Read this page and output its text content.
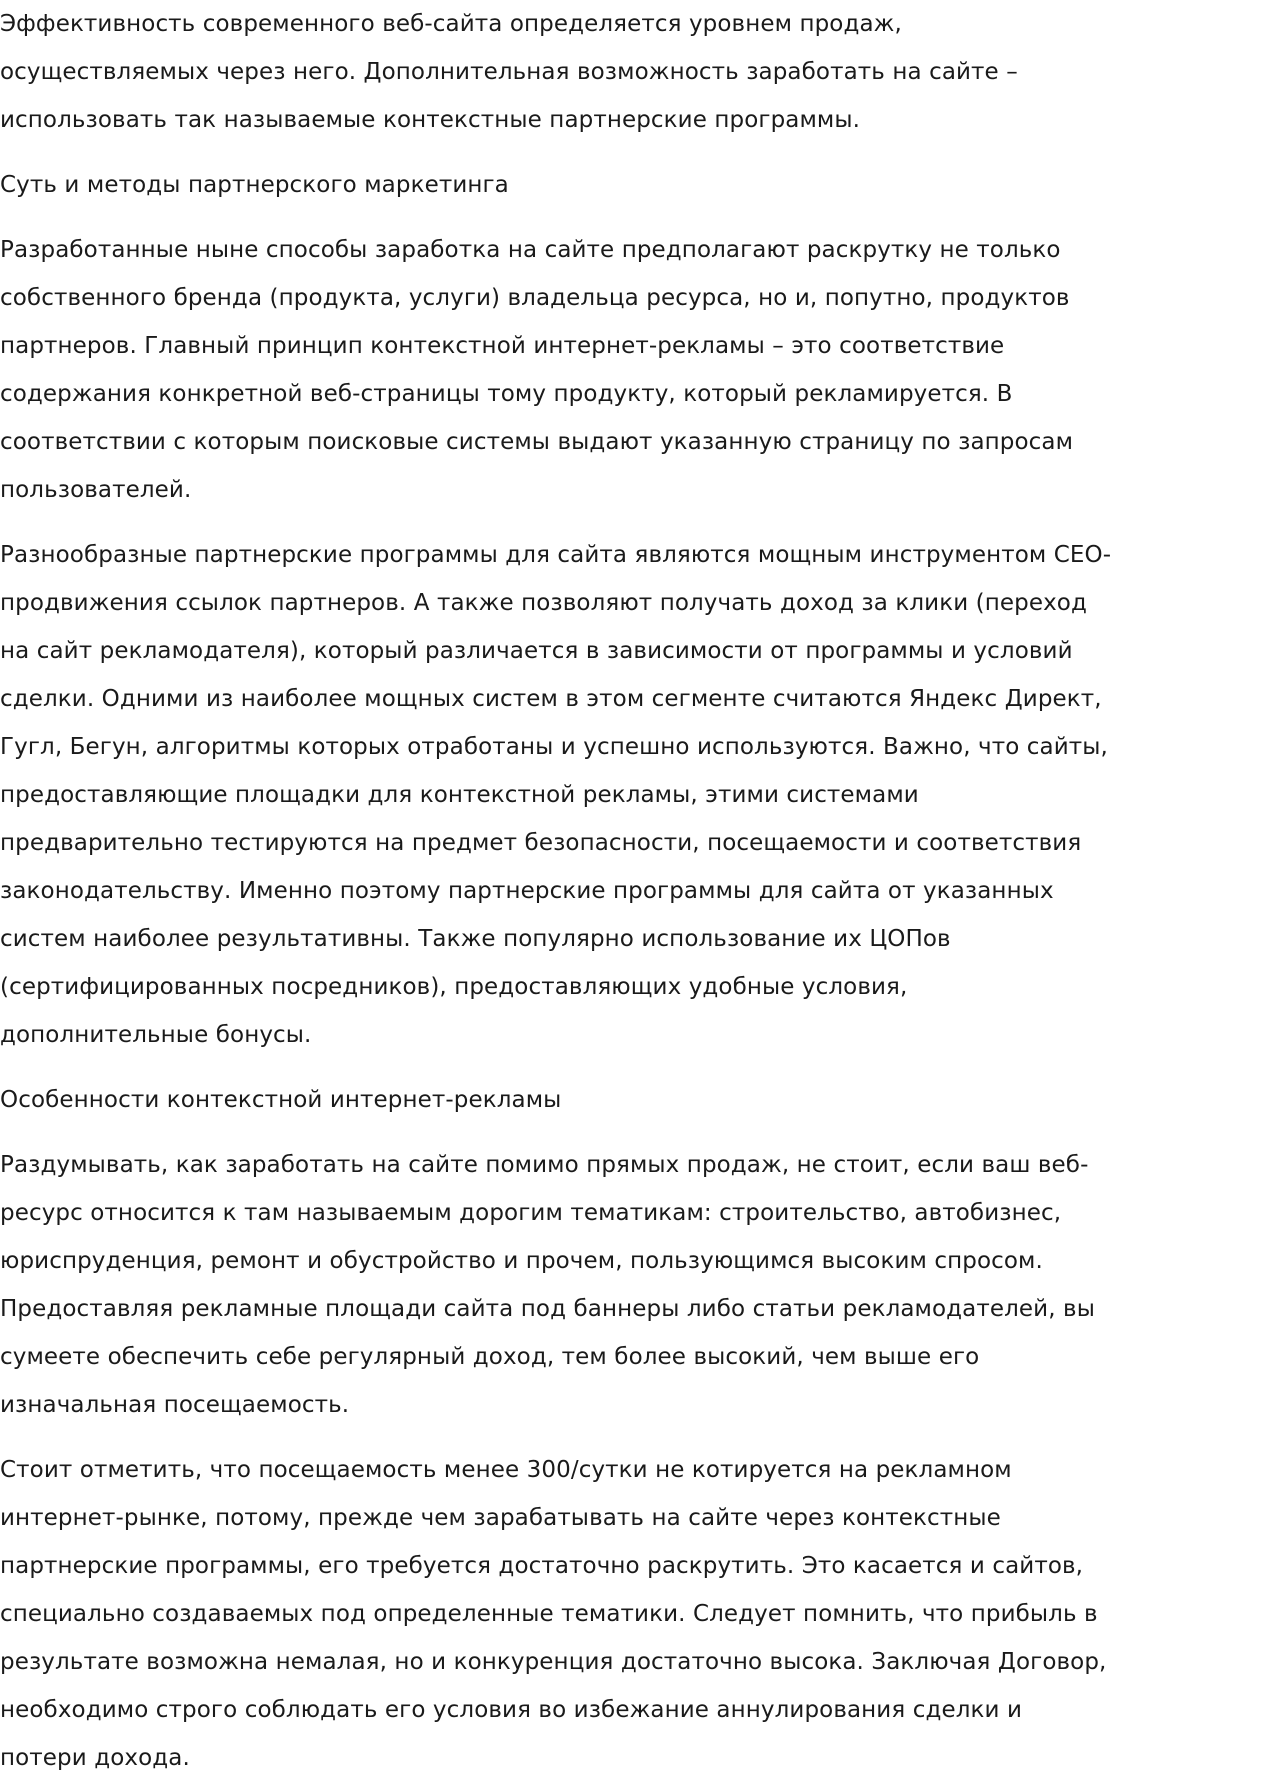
Эффективность современного веб-сайта определяется уровнем продаж, осуществляемых через него. Дополнительная возможность заработать на сайте – использовать так называемые контекстные партнерские программы.

Суть и методы партнерского маркетинга

Разработанные ныне способы заработка на сайте предполагают раскрутку не только собственного бренда (продукта, услуги) владельца ресурса, но и, попутно, продуктов партнеров. Главный принцип контекстной интернет-рекламы – это соответствие содержания конкретной веб-страницы тому продукту, который рекламируется. В соответствии с которым поисковые системы выдают указанную страницу по запросам пользователей.

Разнообразные партнерские программы для сайта являются мощным инструментом СЕО-продвижения ссылок партнеров. А также позволяют получать доход за клики (переход на сайт рекламодателя), который различается в зависимости от программы и условий сделки. Одними из наиболее мощных систем в этом сегменте считаются Яндекс Директ, Гугл, Бегун, алгоритмы которых отработаны и успешно используются. Важно, что сайты, предоставляющие площадки для контекстной рекламы, этими системами предварительно тестируются на предмет безопасности, посещаемости и соответствия законодательству. Именно поэтому партнерские программы для сайта от указанных систем наиболее результативны. Также популярно использование их ЦОПов (сертифицированных посредников), предоставляющих удобные условия, дополнительные бонусы.

Особенности контекстной интернет-рекламы

Раздумывать, как заработать на сайте помимо прямых продаж, не стоит, если ваш веб-ресурс относится к там называемым дорогим тематикам: строительство, автобизнес, юриспруденция, ремонт и обустройство и прочем, пользующимся высоким спросом. Предоставляя рекламные площади сайта под баннеры либо статьи рекламодателей, вы сумеете обеспечить себе регулярный доход, тем более высокий, чем выше его изначальная посещаемость.

Стоит отметить, что посещаемость менее 300/сутки не котируется на рекламном интернет-рынке, потому, прежде чем зарабатывать на сайте через контекстные партнерские программы, его требуется достаточно раскрутить. Это касается и сайтов, специально создаваемых под определенные тематики. Следует помнить, что прибыль в результате возможна немалая, но и конкуренция достаточно высока. Заключая Договор, необходимо строго соблюдать его условия во избежание аннулирования сделки и потери дохода.
